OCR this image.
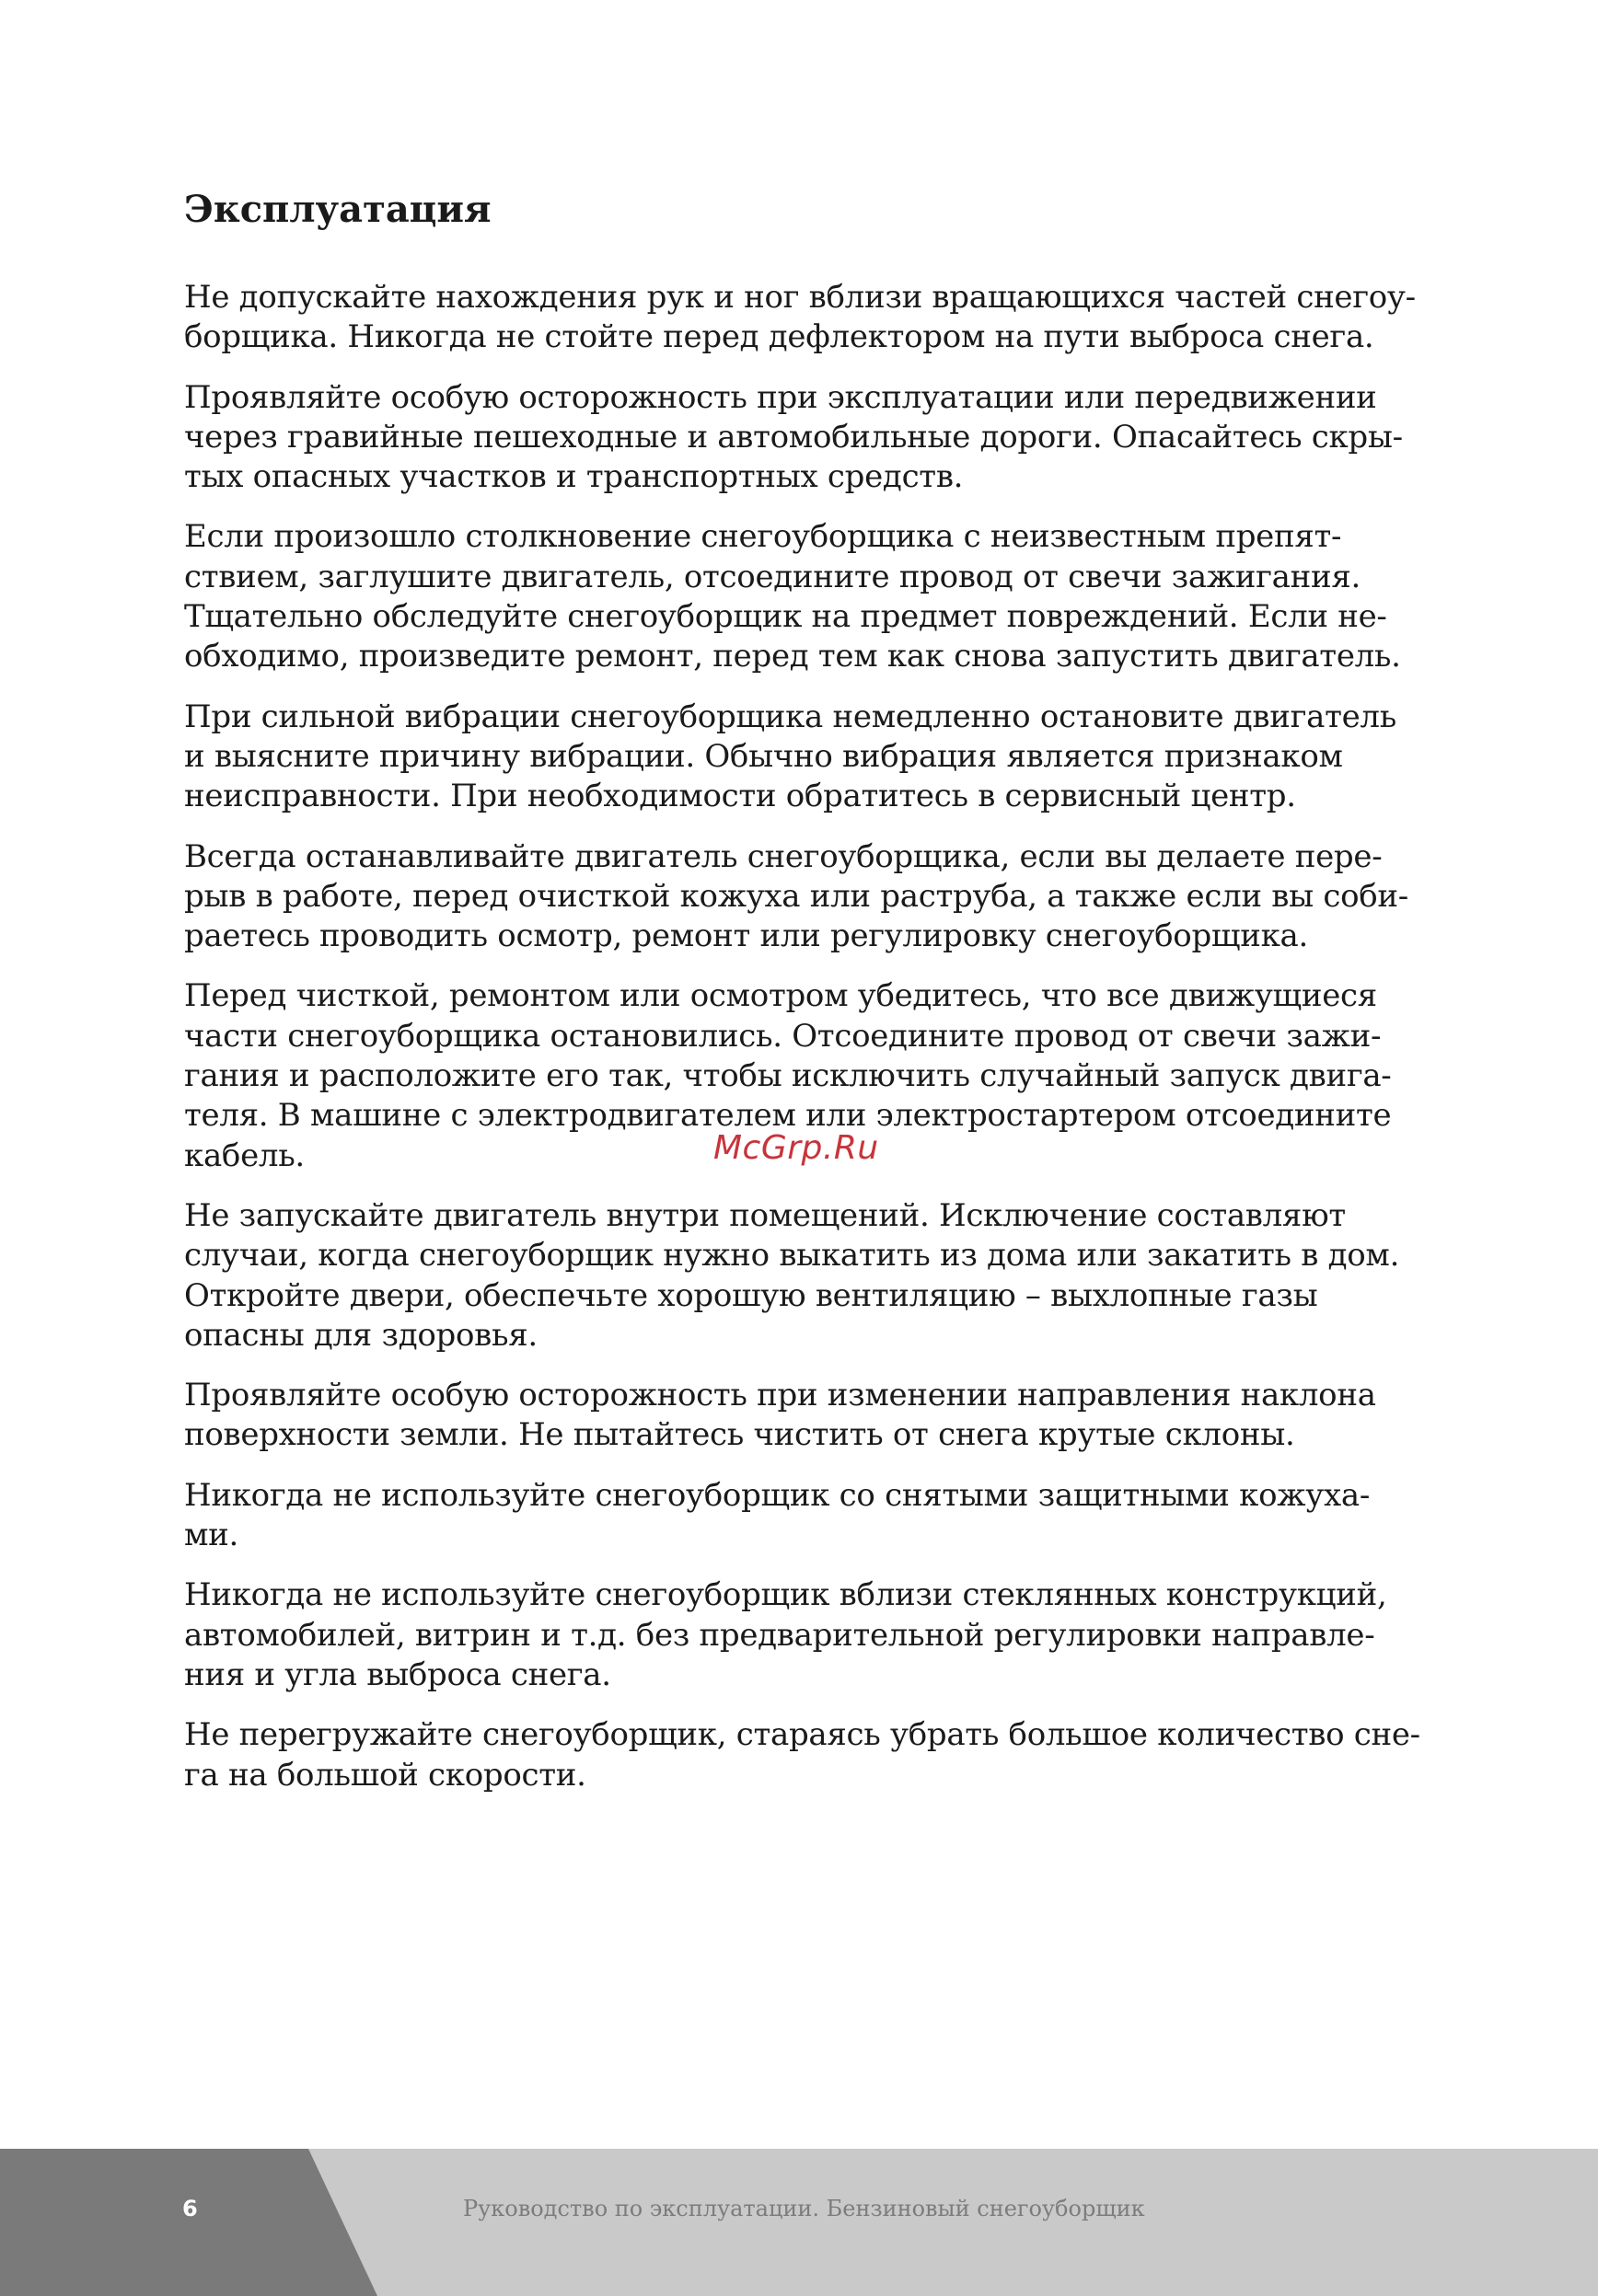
Эксплуатация

Не допускайте нахождения рук и ног вблизи вращающихся частей снегоу-
борщика. Никогда не стойте перед дефлектором на пути выброса снега.

Проявляйте особую осторожность при эксплуатации или передвижении
через гравийные пешеходные и автомобильные дороги. Опасайтесь скры-
тых опасных участков и транспортных средств.

Если произошло столкновение снегоуборщика с неизвестным препят-
ствием, заглушите двигатель, отсоедините провод от свечи зажигания.
Тщательно обследуйте снегоуборщик на предмет повреждений. Если не-
обходимо, произведите ремонт, перед тем как снова запустить двигатель.

При сильной вибрации снегоуборщика немедленно остановите двигатель
и выясните причину вибрации. Обычно вибрация является признаком
неисправности. При необходимости обратитесь в сервисный центр.

Всегда останавливайте двигатель снегоуборщика, если вы делаете пере-
рыв в работе, перед очисткой кожуха или раструба, а также если вы соби-
раетесь проводить осмотр, ремонт или регулировку снегоуборщика.

Перед чисткой, ремонтом или осмотром убедитесь, что все движущиеся
части снегоуборщика остановились. Отсоедините провод от свечи зажи-
гания и расположите его так, чтобы исключить случайный запуск двига-
теля. В машине с электродвигателем или электростартером отсоедините
кабель.

Не запускайте двигатель внутри помещений. Исключение составляют
случаи, когда снегоуборщик нужно выкатить из дома или закатить в дом.
Откройте двери, обеспечьте хорошую вентиляцию – выхлопные газы
опасны для здоровья.

Проявляйте особую осторожность при изменении направления наклона
поверхности земли. Не пытайтесь чистить от снега крутые склоны.

Никогда не используйте снегоуборщик со снятыми защитными кожуха-
ми.

Никогда не используйте снегоуборщик вблизи стеклянных конструкций,
автомобилей, витрин и т.д. без предварительной регулировки направле-
ния и угла выброса снега.

Не перегружайте снегоуборщик, стараясь убрать большое количество сне-
га на большой скорости.

McGrp.Ru
6	Руководство по эксплуатации. Бензиновый снегоуборщик
